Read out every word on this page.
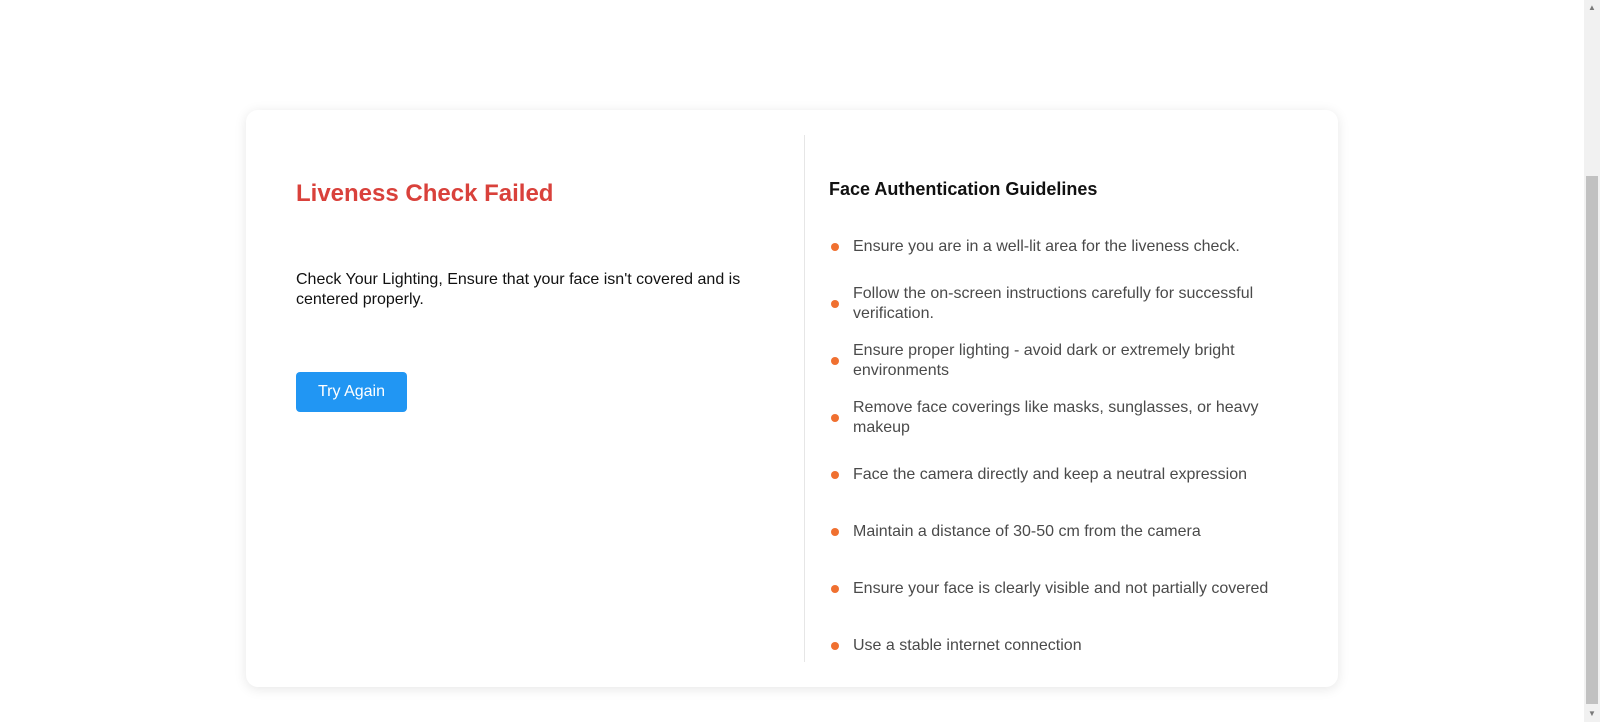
Liveness Check Failed

Check Your Lighting, Ensure that your face isn't covered and is centered properly.

Try Again
Face Authentication Guidelines
Ensure you are in a well-lit area for the liveness check.
Follow the on-screen instructions carefully for successful verification.
Ensure proper lighting - avoid dark or extremely bright environments
Remove face coverings like masks, sunglasses, or heavy makeup
Face the camera directly and keep a neutral expression
Maintain a distance of 30-50 cm from the camera
Ensure your face is clearly visible and not partially covered
Use a stable internet connection
▲
▼
